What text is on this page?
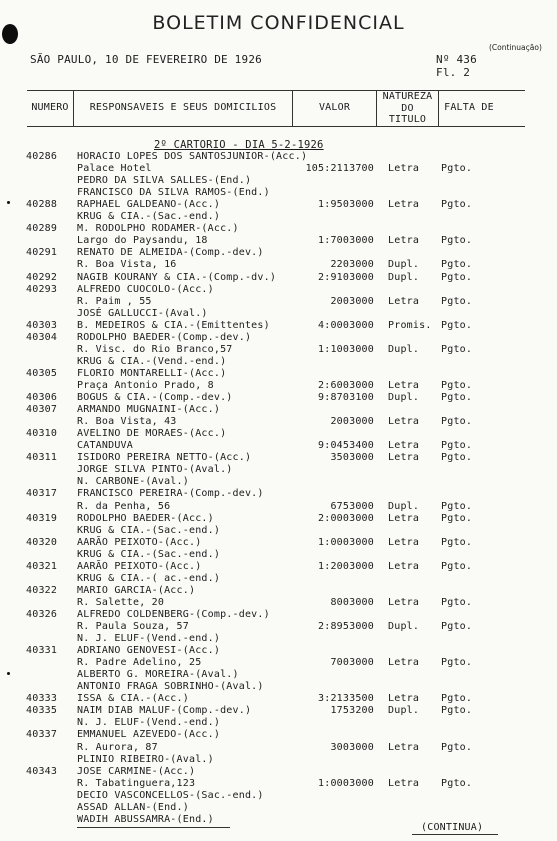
BOLETIM CONFIDENCIAL
SÃO PAULO, 10 DE FEVEREIRO DE 1926
(Continuação)
Nº 436
Fl. 2
NUMERO	RESPONSAVEIS E SEUS DOMICILIOS	VALOR
NATUREZA
DO
TITULO
FALTA DE
2º CARTORIO - DIA 5-2-1926
40286 HORACIO LOPES DOS SANTOSJUNIOR-(Acc.)
Palace Hotel	105:2113700 Letra Pgto.
PEDRO DA SILVA SALLES-(End.)
FRANCISCO DA SILVA RAMOS-(End.)
40288 RAPHAEL GALDEANO-(Acc.)	1:9503000 Letra Pgto.
KRUG & CIA.-(Sac.-end.)
40289 M. RODOLPHO RODAMER-(Acc.)
Largo do Paysandu, 18	1:7003000 Letra Pgto.
40291 RENATO DE ALMEIDA-(Comp.-dev.)
R. Boa Vista, 16	2203000 Dupl. Pgto.
40292 NAGIB KOURANY & CIA.-(Comp.-dv.)	2:9103000 Dupl. Pgto.
40293 ALFREDO CUOCOLO-(Acc.)
R. Paim , 55	2003000 Letra Pgto.
JOSÉ GALLUCCI-(Aval.)
40303 B. MEDEIROS & CIA.-(Emittentes)	4:0003000 Promis. Pgto.
40304 RODOLPHO BAEDER-(Comp.-dev.)
R. Visc. do Rio Branco,57	1:1003000 Dupl. Pgto.
KRUG & CIA.-(Vend.-end.)
40305 FLORIO MONTARELLI-(Acc.)
Praça Antonio Prado, 8	2:6003000 Letra Pgto.
40306 BOGUS & CIA.-(Comp.-dev.)	9:8703100 Dupl. Pgto.
40307 ARMANDO MUGNAINI-(Acc.)
R. Boa Vista, 43	2003000 Letra Pgto.
40310 AVELINO DE MORAES-(Acc.)
CATANDUVA	9:0453400 Letra Pgto.
40311 ISIDORO PEREIRA NETTO-(Acc.)	3503000 Letra Pgto.
JORGE SILVA PINTO-(Aval.)
N. CARBONE-(Aval.)
40317 FRANCISCO PEREIRA-(Comp.-dev.)
R. da Penha, 56	6753000 Dupl. Pgto.
40319 RODOLPHO BAEDER-(Acc.)	2:0003000 Letra Pgto.
KRUG & CIA.-(Sac.-end.)
40320 AARÃO PEIXOTO-(Acc.)	1:0003000 Letra Pgto.
KRUG & CIA.-(Sac.-end.)
40321 AARÃO PEIXOTO-(Acc.)	1:2003000 Letra Pgto.
KRUG & CIA.-( ac.-end.)
40322 MARIO GARCIA-(Acc.)
R. Salette, 20	8003000 Letra Pgto.
40326 ALFREDO COLDENBERG-(Comp.-dev.)
R. Paula Souza, 57	2:8953000 Dupl. Pgto.
N. J. ELUF-(Vend.-end.)
40331 ADRIANO GENOVESI-(Acc.)
R. Padre Adelino, 25	7003000 Letra Pgto.
ALBERTO G. MOREIRA-(Aval.)
ANTONIO FRAGA SOBRINHO-(Aval.)
40333 ISSA & CIA.-(Acc.)	3:2133500 Letra Pgto.
40335 NAIM DIAB MALUF-(Comp.-dev.)	1753200 Dupl. Pgto.
N. J. ELUF-(Vend.-end.)
40337 EMMANUEL AZEVEDO-(Acc.)
R. Aurora, 87	3003000 Letra Pgto.
PLINIO RIBEIRO-(Aval.)
40343 JOSE CARMINE-(Acc.)
R. Tabatinguera,123	1:0003000 Letra Pgto.
DECIO VASCONCELLOS-(Sac.-end.)
ASSAD ALLAN-(End.)
WADIH ABUSSAMRA-(End.)
(CONTINUA)
